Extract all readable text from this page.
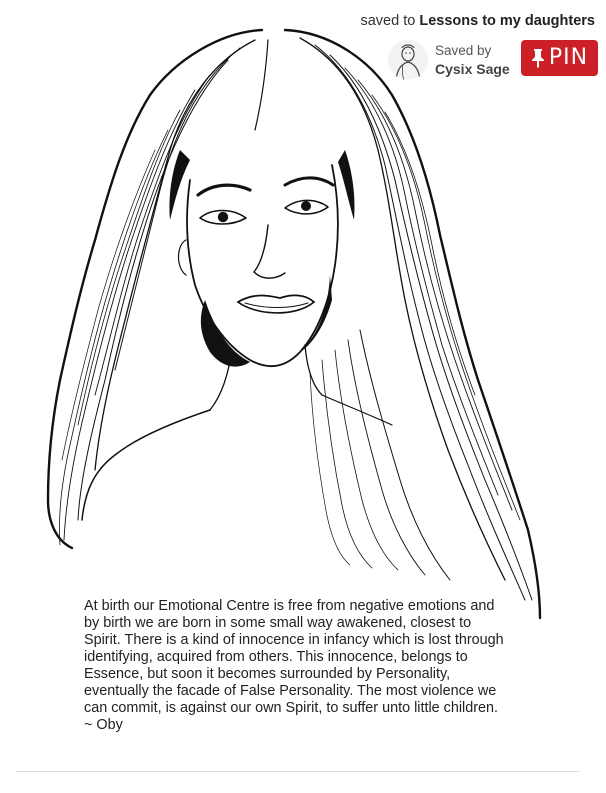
saved to Lessons to my daughters
Saved by
Cysix Sage PIN

At birth our Emotional Centre is free from negative emotions and by birth we are born in some small way awakened, closest to Spirit. There is a kind of innocence in infancy which is lost through identifying, acquired from others. This innocence, belongs to Essence, but soon it becomes surrounded by Personality, eventually the facade of False Personality. The most violence we can commit, is against our own Spirit, to suffer unto little children. ~ Oby
